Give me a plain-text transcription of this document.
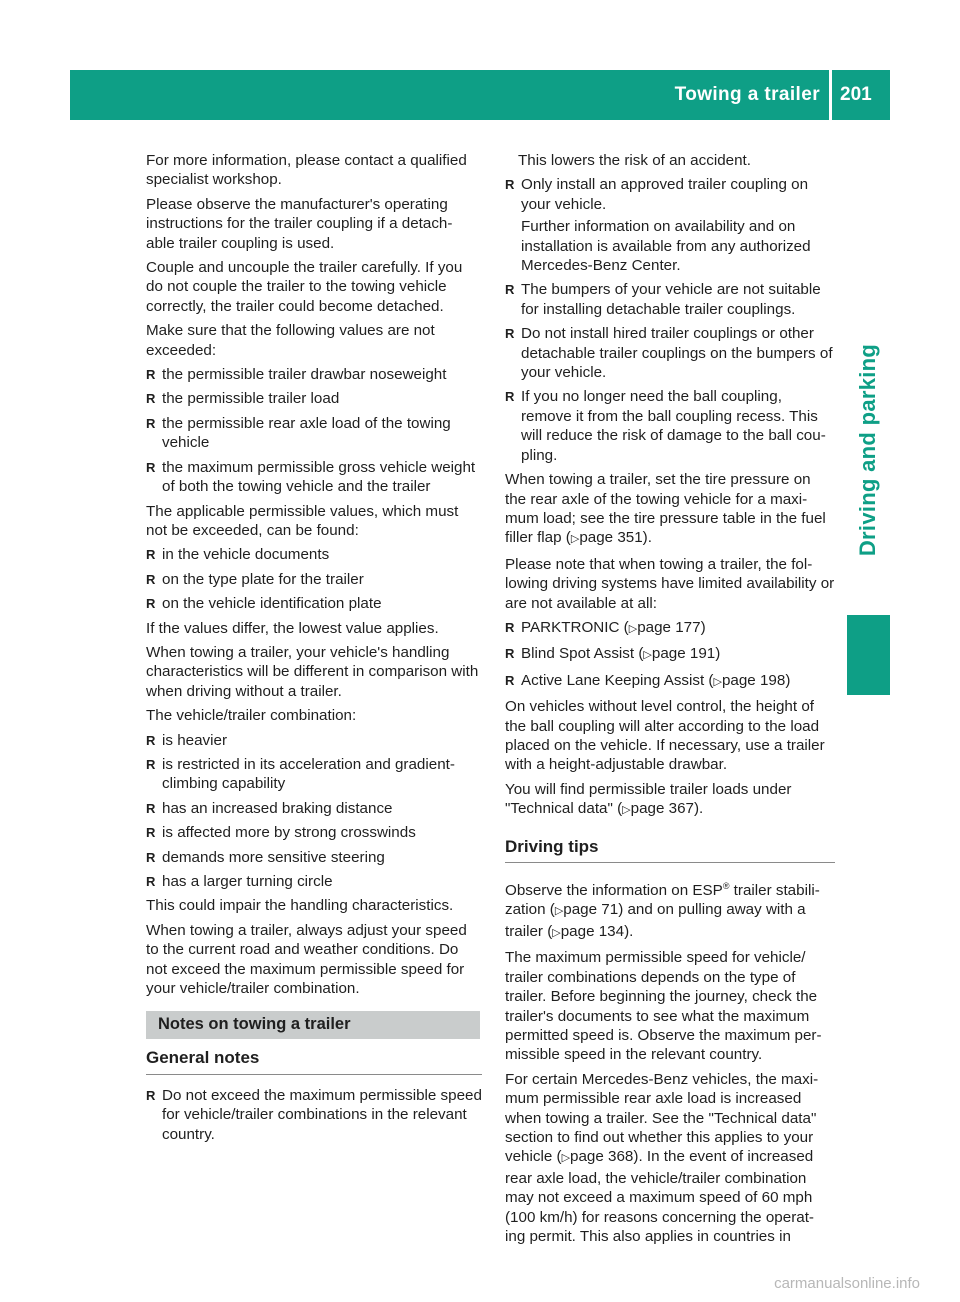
Towing a trailer 201
Driving and parking

For more information, please contact a qualified specialist workshop.

Please observe the manufacturer's operating instructions for the trailer coupling if a detach- able trailer coupling is used.

Couple and uncouple the trailer carefully. If you do not couple the trailer to the towing vehicle correctly, the trailer could become detached.

Make sure that the following values are not exceeded:

R the permissible trailer drawbar noseweight
R the permissible trailer load
R the permissible rear axle load of the towing vehicle
R the maximum permissible gross vehicle weight of both the towing vehicle and the trailer

The applicable permissible values, which must not be exceeded, can be found:

R in the vehicle documents
R on the type plate for the trailer
R on the vehicle identification plate

If the values differ, the lowest value applies.

When towing a trailer, your vehicle's handling characteristics will be different in comparison with when driving without a trailer.

The vehicle/trailer combination:

R is heavier
R is restricted in its acceleration and gradient- climbing capability
R has an increased braking distance
R is affected more by strong crosswinds
R demands more sensitive steering
R has a larger turning circle

This could impair the handling characteristics.

When towing a trailer, always adjust your speed to the current road and weather conditions. Do not exceed the maximum permissible speed for your vehicle/trailer combination.

Notes on towing a trailer
General notes
R Do not exceed the maximum permissible speed for vehicle/trailer combinations in the relevant country.

This lowers the risk of an accident.

R Only install an approved trailer coupling on your vehicle.
Further information on availability and on installation is available from any authorized Mercedes-Benz Center.
R The bumpers of your vehicle are not suitable for installing detachable trailer couplings.
R Do not install hired trailer couplings or other detachable trailer couplings on the bumpers of your vehicle.
R If you no longer need the ball coupling, remove it from the ball coupling recess. This will reduce the risk of damage to the ball cou- pling.

When towing a trailer, set the tire pressure on the rear axle of the towing vehicle for a maxi- mum load; see the tire pressure table in the fuel filler flap (▷page 351).

Please note that when towing a trailer, the fol- lowing driving systems have limited availability or are not available at all:

R PARKTRONIC (▷page 177)
R Blind Spot Assist (▷page 191)
R Active Lane Keeping Assist (▷page 198)

On vehicles without level control, the height of the ball coupling will alter according to the load placed on the vehicle. If necessary, use a trailer with a height-adjustable drawbar.

You will find permissible trailer loads under "Technical data" (▷page 367).

Driving tips

Observe the information on ESP® trailer stabili- zation (▷page 71) and on pulling away with a trailer (▷page 134).

The maximum permissible speed for vehicle/ trailer combinations depends on the type of trailer. Before beginning the journey, check the trailer's documents to see what the maximum permitted speed is. Observe the maximum per- missible speed in the relevant country.

For certain Mercedes-Benz vehicles, the maxi- mum permissible rear axle load is increased when towing a trailer. See the "Technical data" section to find out whether this applies to your vehicle (▷page 368). In the event of increased rear axle load, the vehicle/trailer combination may not exceed a maximum speed of 60 mph (100 km/h) for reasons concerning the operat- ing permit. This also applies in countries in

carmanualsonline.info
